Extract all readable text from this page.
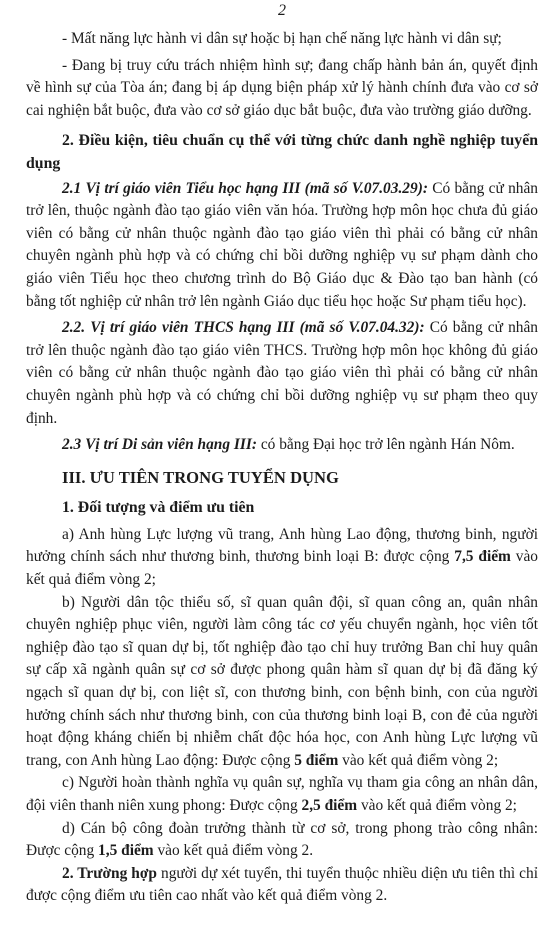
2

- Mất năng lực hành vi dân sự hoặc bị hạn chế năng lực hành vi dân sự;

- Đang bị truy cứu trách nhiệm hình sự; đang chấp hành bản án, quyết định về hình sự của Tòa án; đang bị áp dụng biện pháp xử lý hành chính đưa vào cơ sở cai nghiện bắt buộc, đưa vào cơ sở giáo dục bắt buộc, đưa vào trường giáo dưỡng.

2. Điều kiện, tiêu chuẩn cụ thể với từng chức danh nghề nghiệp tuyển dụng

2.1 Vị trí giáo viên Tiểu học hạng III (mã số V.07.03.29): Có bằng cử nhân trở lên, thuộc ngành đào tạo giáo viên văn hóa. Trường hợp môn học chưa đủ giáo viên có bằng cử nhân thuộc ngành đào tạo giáo viên thì phải có bằng cử nhân chuyên ngành phù hợp và có chứng chỉ bồi dưỡng nghiệp vụ sư phạm dành cho giáo viên Tiểu học theo chương trình do Bộ Giáo dục & Đào tạo ban hành (có bằng tốt nghiệp cử nhân trở lên ngành Giáo dục tiểu học hoặc Sư phạm tiểu học).

2.2. Vị trí giáo viên THCS hạng III (mã số V.07.04.32): Có bằng cử nhân trở lên thuộc ngành đào tạo giáo viên THCS. Trường hợp môn học không đủ giáo viên có bằng cử nhân thuộc ngành đào tạo giáo viên thì phải có bằng cử nhân chuyên ngành phù hợp và có chứng chỉ bồi dưỡng nghiệp vụ sư phạm theo quy định.

2.3 Vị trí Di sản viên hạng III: có bằng Đại học trở lên ngành Hán Nôm.

III. ƯU TIÊN TRONG TUYỂN DỤNG

1. Đối tượng và điểm ưu tiên

a) Anh hùng Lực lượng vũ trang, Anh hùng Lao động, thương binh, người hưởng chính sách như thương binh, thương binh loại B: được cộng 7,5 điểm vào kết quả điểm vòng 2;

b) Người dân tộc thiểu số, sĩ quan quân đội, sĩ quan công an, quân nhân chuyên nghiệp phục viên, người làm công tác cơ yếu chuyển ngành, học viên tốt nghiệp đào tạo sĩ quan dự bị, tốt nghiệp đào tạo chỉ huy trưởng Ban chỉ huy quân sự cấp xã ngành quân sự cơ sở được phong quân hàm sĩ quan dự bị đã đăng ký ngạch sĩ quan dự bị, con liệt sĩ, con thương binh, con bệnh binh, con của người hưởng chính sách như thương binh, con của thương binh loại B, con đẻ của người hoạt động kháng chiến bị nhiễm chất độc hóa học, con Anh hùng Lực lượng vũ trang, con Anh hùng Lao động: Được cộng 5 điểm vào kết quả điểm vòng 2;

c) Người hoàn thành nghĩa vụ quân sự, nghĩa vụ tham gia công an nhân dân, đội viên thanh niên xung phong: Được cộng 2,5 điểm vào kết quả điểm vòng 2;

d) Cán bộ công đoàn trưởng thành từ cơ sở, trong phong trào công nhân: Được cộng 1,5 điểm vào kết quả điểm vòng 2.

2. Trường hợp người dự xét tuyển, thi tuyển thuộc nhiều diện ưu tiên thì chỉ được cộng điểm ưu tiên cao nhất vào kết quả điểm vòng 2.
